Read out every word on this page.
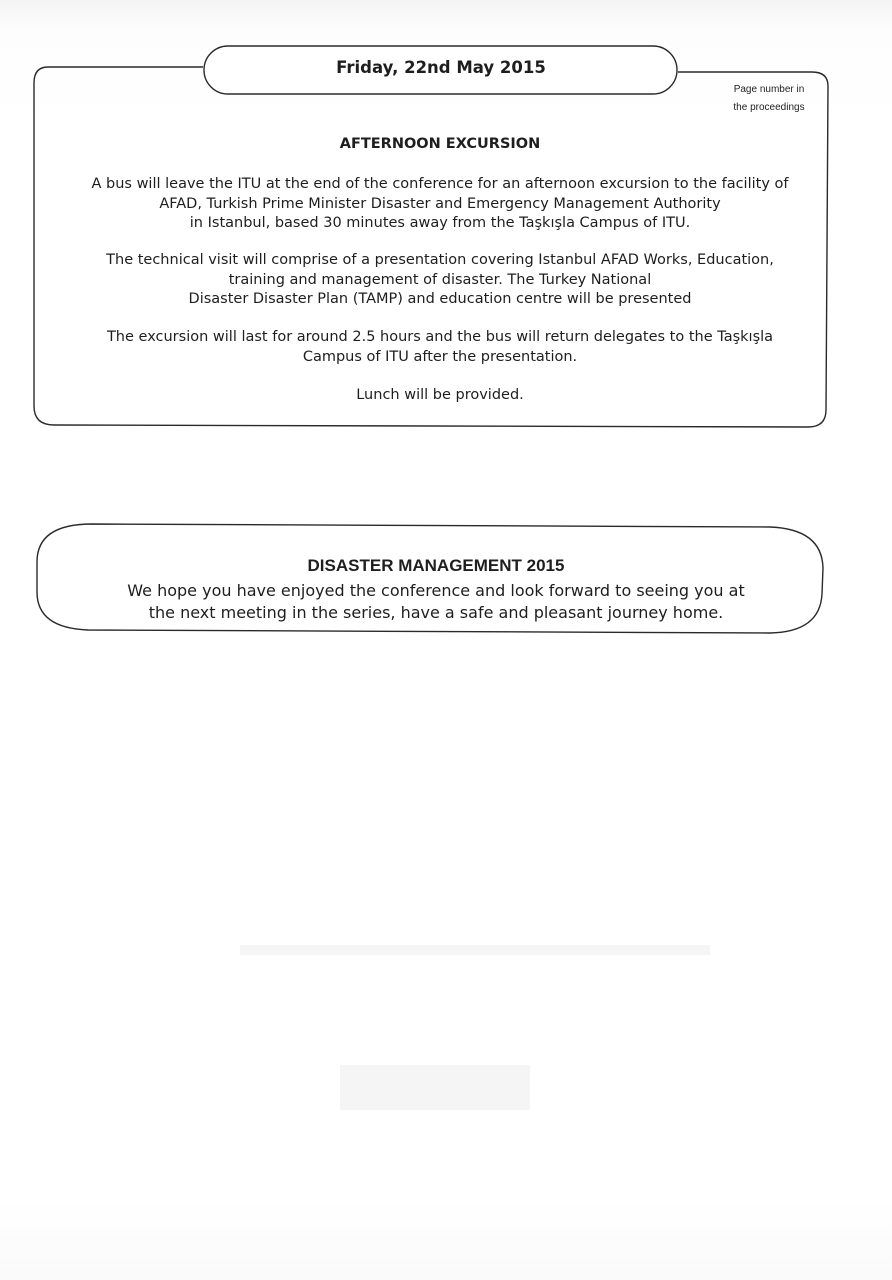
Friday, 22nd May 2015
Page number in
the proceedings
AFTERNOON EXCURSION

A bus will leave the ITU at the end of the conference for an afternoon excursion to the facility of
AFAD, Turkish Prime Minister Disaster and Emergency Management Authority
in Istanbul, based 30 minutes away from the Taşkışla Campus of ITU.

The technical visit will comprise of a presentation covering Istanbul AFAD Works, Education,
training and management of disaster. The Turkey National
Disaster Disaster Plan (TAMP) and education centre will be presented

The excursion will last for around 2.5 hours and the bus will return delegates to the Taşkışla
Campus of ITU after the presentation.

Lunch will be provided.

DISASTER MANAGEMENT 2015

We hope you have enjoyed the conference and look forward to seeing you at
the next meeting in the series, have a safe and pleasant journey home.
